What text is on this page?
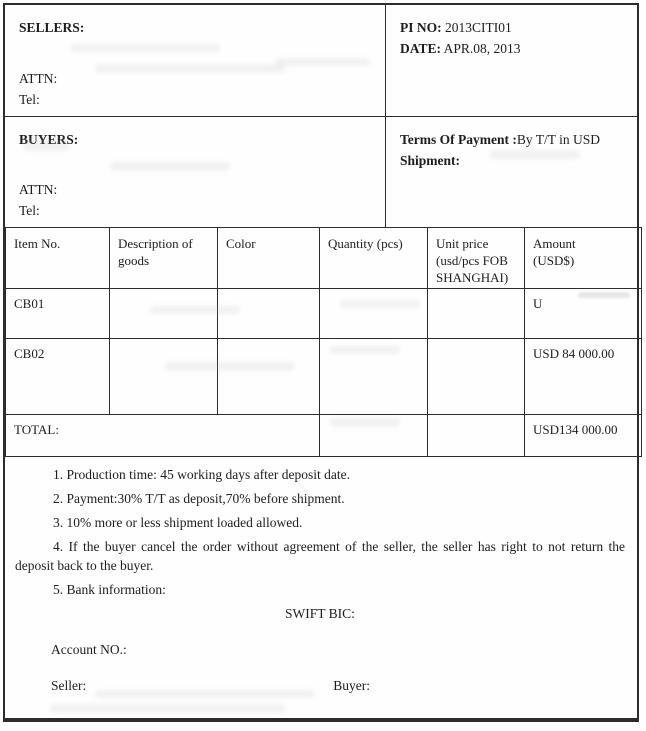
SELLERS:
ATTN:
Tel:
PI NO: 2013CITI01
DATE: APR.08, 2013
BUYERS:
ATTN:
Tel:
Terms Of Payment :By T/T in USD
Shipment:
Item No.	Description of goods	Color	Quantity (pcs)	Unit price (usd/pcs FOB SHANGHAI)	Amount (USD$)

CB01					U
CB02					USD 84 000.00
TOTAL:					USD134 000.00

1. Production time: 45 working days after deposit date.

2. Payment:30% T/T as deposit,70% before shipment.

3. 10% more or less shipment loaded allowed.

4. If the buyer cancel the order without agreement of the seller, the seller has right to not return the deposit back to the buyer.

5. Bank information:

SWIFT BIC:
Account NO.:
Seller:	Buyer:
